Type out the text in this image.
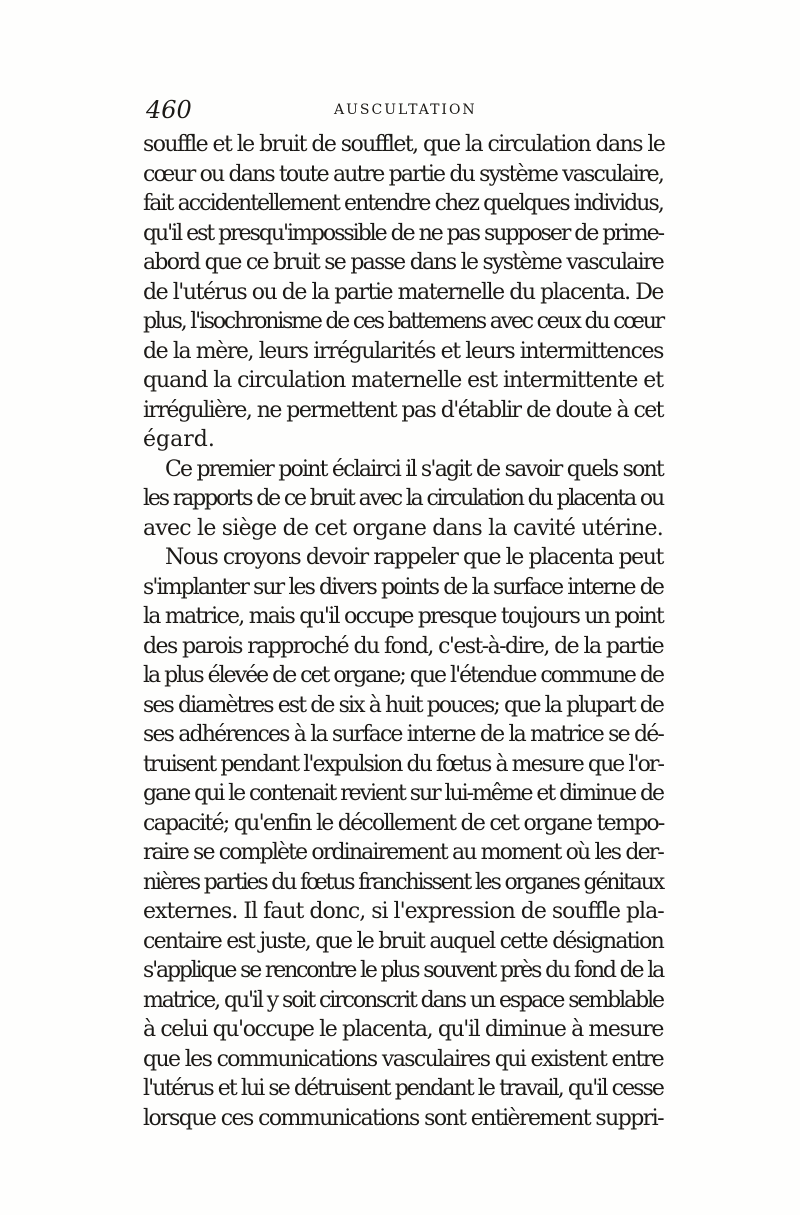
460	AUSCULTATION
souffle et le bruit de soufflet, que la circulation dans le
cœur ou dans toute autre partie du système vasculaire,
fait accidentellement entendre chez quelques individus,
qu'il est presqu'impossible de ne pas supposer de prime-
abord que ce bruit se passe dans le système vasculaire
de l'utérus ou de la partie maternelle du placenta. De
plus, l'isochronisme de ces battemens avec ceux du cœur
de la mère, leurs irrégularités et leurs intermittences
quand la circulation maternelle est intermittente et
irrégulière, ne permettent pas d'établir de doute à cet
égard.
Ce premier point éclairci il s'agit de savoir quels sont
les rapports de ce bruit avec la circulation du placenta ou
avec le siège de cet organe dans la cavité utérine.
Nous croyons devoir rappeler que le placenta peut
s'implanter sur les divers points de la surface interne de
la matrice, mais qu'il occupe presque toujours un point
des parois rapproché du fond, c'est-à-dire, de la partie
la plus élevée de cet organe; que l'étendue commune de
ses diamètres est de six à huit pouces; que la plupart de
ses adhérences à la surface interne de la matrice se dé-
truisent pendant l'expulsion du fœtus à mesure que l'or-
gane qui le contenait revient sur lui-même et diminue de
capacité; qu'enfin le décollement de cet organe tempo-
raire se complète ordinairement au moment où les der-
nières parties du fœtus franchissent les organes génitaux
externes. Il faut donc, si l'expression de souffle pla-
centaire est juste, que le bruit auquel cette désignation
s'applique se rencontre le plus souvent près du fond de la
matrice, qu'il y soit circonscrit dans un espace semblable
à celui qu'occupe le placenta, qu'il diminue à mesure
que les communications vasculaires qui existent entre
l'utérus et lui se détruisent pendant le travail, qu'il cesse
lorsque ces communications sont entièrement suppri-
